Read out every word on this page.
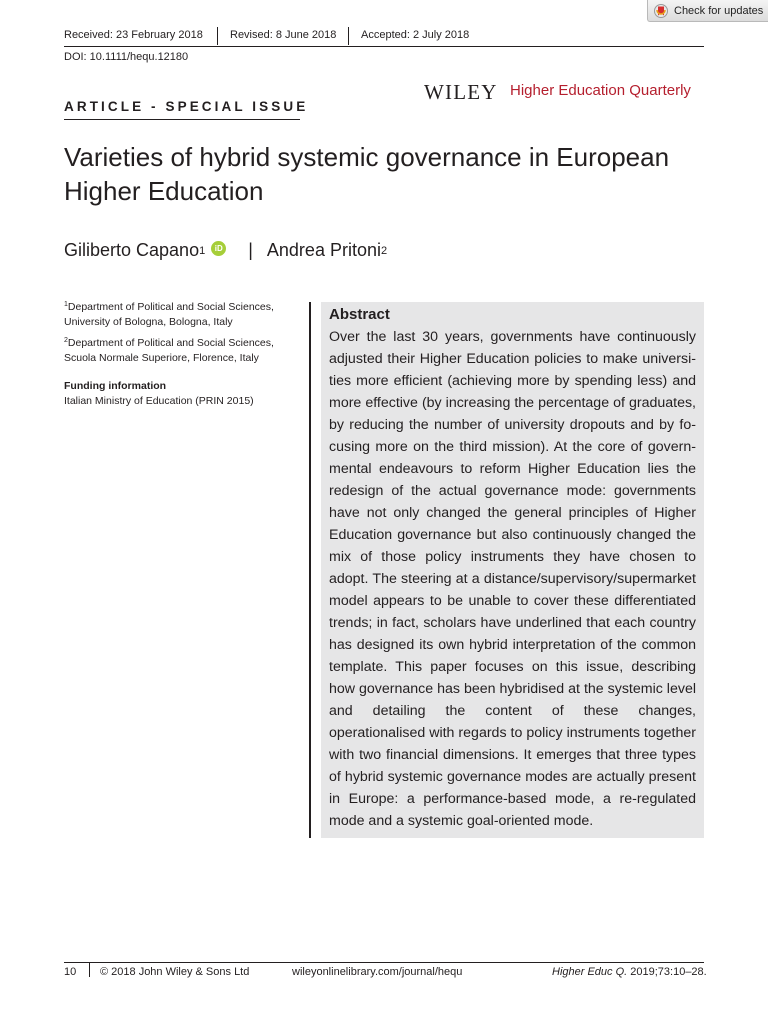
Check for updates
Received: 23 February 2018 Revised: 8 June 2018 Accepted: 2 July 2018
DOI: 10.1111/hequ.12180
ARTICLE - SPECIAL ISSUE
WILEY Higher Education Quarterly
Varieties of hybrid systemic governance in European Higher Education
Giliberto Capano 1	iD | Andrea Pritoni 2

$^1$Department of Political and Social Sciences, University of Bologna, Bologna, Italy

$^2$Department of Political and Social Sciences, Scuola Normale Superiore, Florence, Italy

Funding information

Italian Ministry of Education (PRIN 2015)

Abstract

Over the last 30 years, governments have continuously adjusted their Higher Education policies to make universities more efficient (achieving more by spending less) and more effective (by increasing the percentage of graduates, by reducing the number of university dropouts and by focusing more on the third mission). At the core of governmental endeavours to reform Higher Education lies the redesign of the actual governance mode: governments have not only changed the general principles of Higher Education governance but also continuously changed the mix of those policy instruments they have chosen to adopt. The steering at a distance/supervisory/supermarket model appears to be unable to cover these differentiated trends; in fact, scholars have underlined that each country has designed its own hybrid interpretation of the common template. This paper focuses on this issue, describing how governance has been hybridised at the systemic level and detailing the content of these changes, operationalised with regards to policy instruments together with two financial dimensions. It emerges that three types of hybrid systemic governance modes are actually present in Europe: a performance-based mode, a re-regulated mode and a systemic goal-oriented mode.

10 © 2018 John Wiley & Sons Ltd	wileyonlinelibrary.com/journal/hequ	Higher Educ Q. 2019;73:10–28.
